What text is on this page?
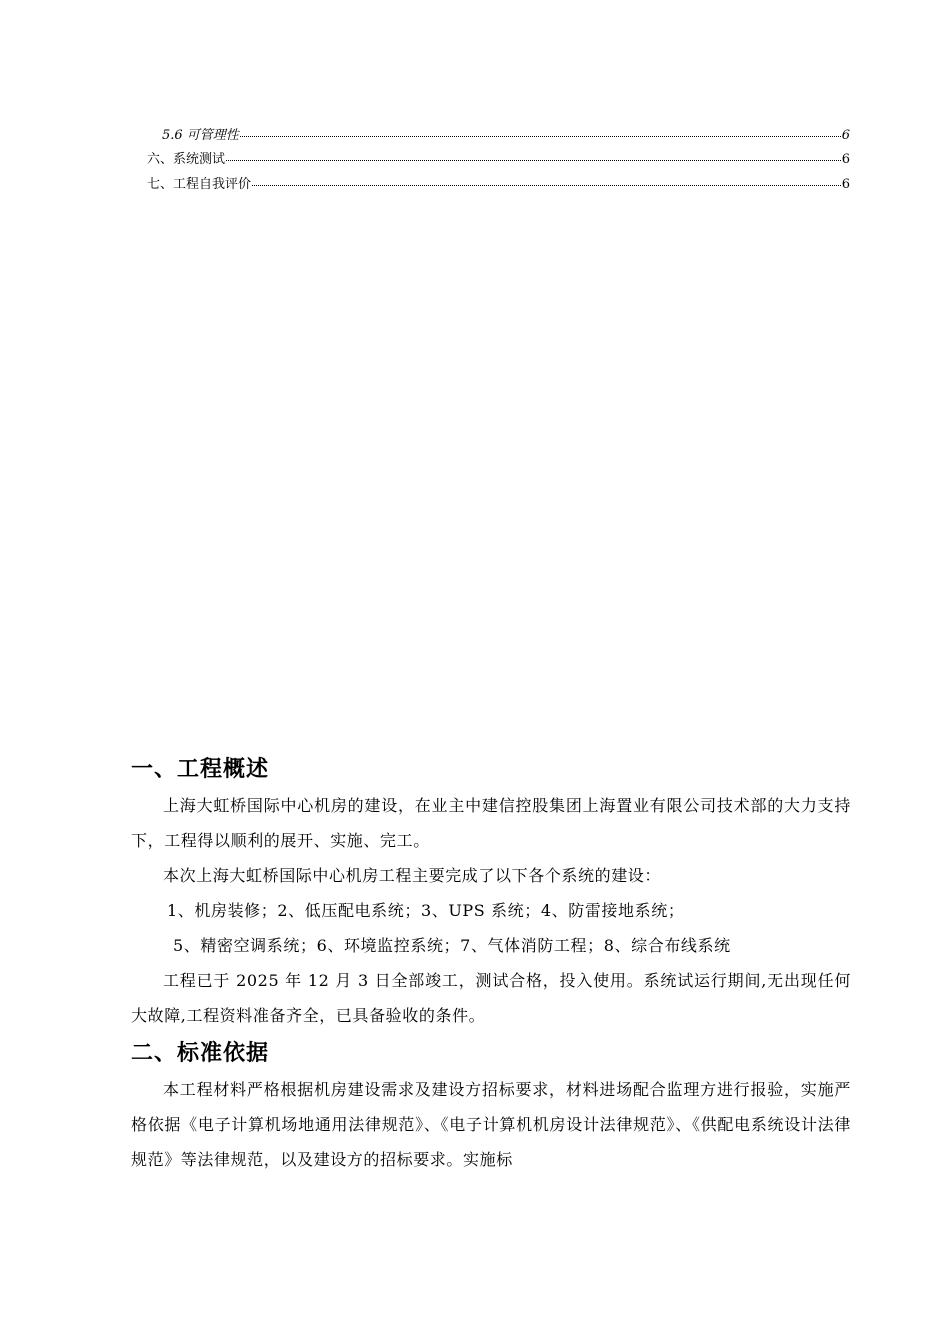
5.6 可管理性	6
六、系统测试	6
七、工程自我评价	6
一、工程概述

上海大虹桥国际中心机房的建设，在业主中建信控股集团上海置业有限公司技术部的大力支持下，工程得以顺利的展开、实施、完工。

本次上海大虹桥国际中心机房工程主要完成了以下各个系统的建设：

1、机房装修；2、低压配电系统；3、UPS 系统；4、防雷接地系统；

5、精密空调系统；6、环境监控系统；7、气体消防工程；8、综合布线系统

工程已于 2025 年 12 月 3 日全部竣工，测试合格，投入使用。系统试运行期间,无出现任何大故障,工程资料准备齐全，已具备验收的条件。

二、标准依据

本工程材料严格根据机房建设需求及建设方招标要求，材料进场配合监理方进行报验，实施严格依据《电子计算机场地通用法律规范》、《电子计算机机房设计法律规范》、《供配电系统设计法律规范》等法律规范，以及建设方的招标要求。实施标
